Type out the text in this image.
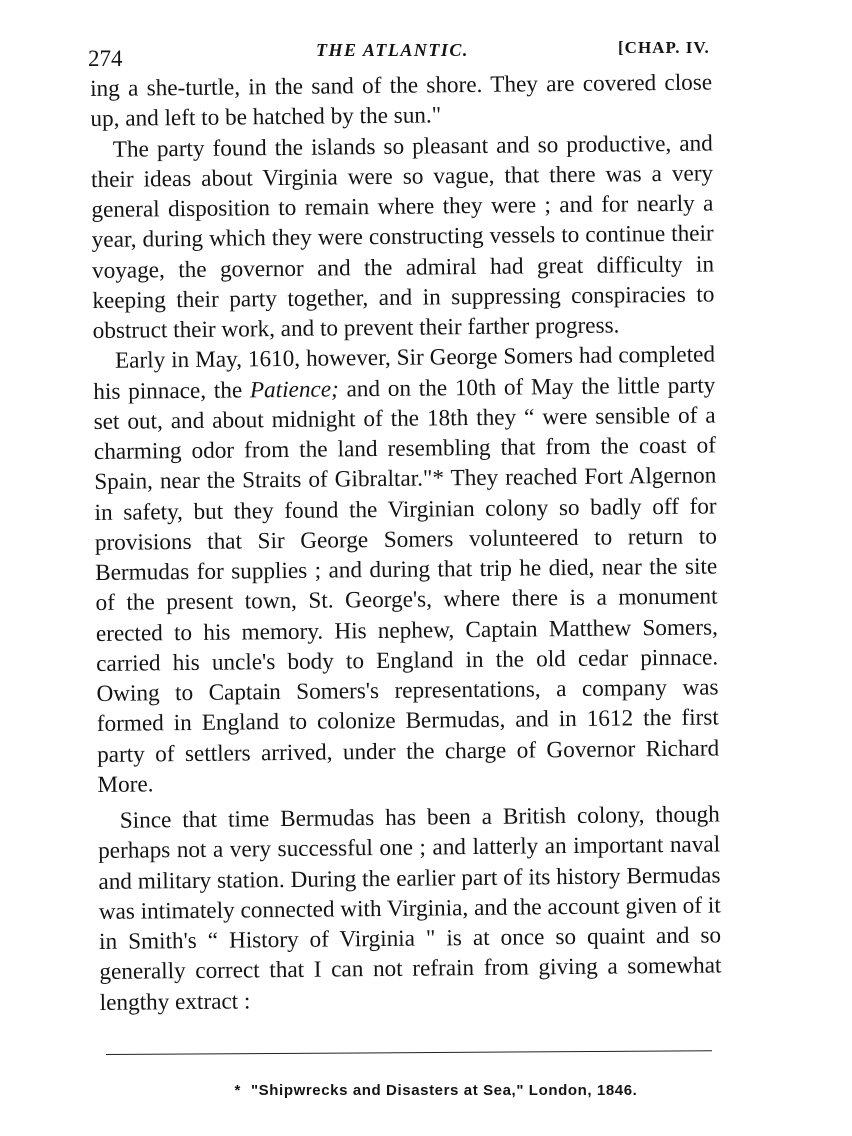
274	THE ATLANTIC.	[CHAP. IV.

ing a she-turtle, in the sand of the shore. They are covered close up, and left to be hatched by the sun."

The party found the islands so pleasant and so productive, and their ideas about Virginia were so vague, that there was a very general disposition to remain where they were ; and for nearly a year, during which they were constructing vessels to continue their voyage, the governor and the admiral had great difficulty in keeping their party together, and in suppressing conspiracies to obstruct their work, and to prevent their farther progress.

Early in May, 1610, however, Sir George Somers had completed his pinnace, the Patience; and on the 10th of May the little party set out, and about midnight of the 18th they “ were sensible of a charming odor from the land resembling that from the coast of Spain, near the Straits of Gibraltar."* They reached Fort Algernon in safety, but they found the Virginian colony so badly off for provisions that Sir George Somers volunteered to return to Bermudas for supplies ; and during that trip he died, near the site of the present town, St. George's, where there is a monument erected to his memory. His nephew, Captain Matthew Somers, carried his uncle's body to England in the old cedar pinnace. Owing to Captain Somers's representations, a company was formed in England to colonize Bermudas, and in 1612 the first party of settlers arrived, under the charge of Governor Richard More.

Since that time Bermudas has been a British colony, though perhaps not a very successful one ; and latterly an important naval and military station. During the earlier part of its history Bermudas was intimately connected with Virginia, and the account given of it in Smith's “ History of Virginia " is at once so quaint and so generally correct that I can not refrain from giving a somewhat lengthy extract :

* "Shipwrecks and Disasters at Sea," London, 1846.
